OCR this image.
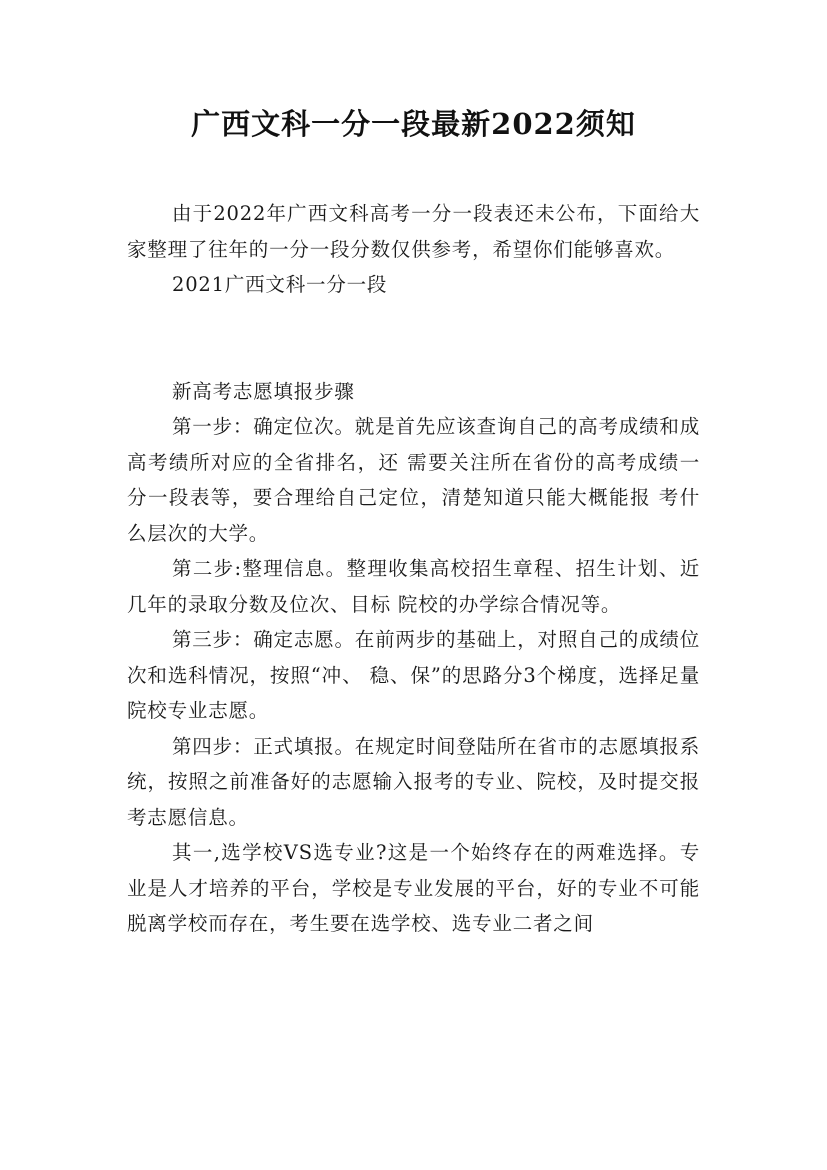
广西文科一分一段最新2022须知

由于2022年广西文科高考一分一段表还未公布，下面给大家整理了往年的一分一段分数仅供参考，希望你们能够喜欢。

2021广西文科一分一段

新高考志愿填报步骤

第一步：确定位次。就是首先应该查询自己的高考成绩和成高考绩所对应的全省排名，还 需要关注所在省份的高考成绩一分一段表等，要合理给自己定位，清楚知道只能大概能报 考什么层次的大学。

第二步:整理信息。整理收集高校招生章程、招生计划、近几年的录取分数及位次、目标 院校的办学综合情况等。

第三步：确定志愿。在前两步的基础上，对照自己的成绩位次和选科情况，按照“冲、 稳、保”的思路分3个梯度，选择足量院校专业志愿。

第四步：正式填报。在规定时间登陆所在省市的志愿填报系统，按照之前准备好的志愿输入报考的专业、院校，及时提交报考志愿信息。

其一,选学校VS选专业?这是一个始终存在的两难选择。专业是人才培养的平台，学校是专业发展的平台，好的专业不可能脱离学校而存在，考生要在选学校、选专业二者之间
